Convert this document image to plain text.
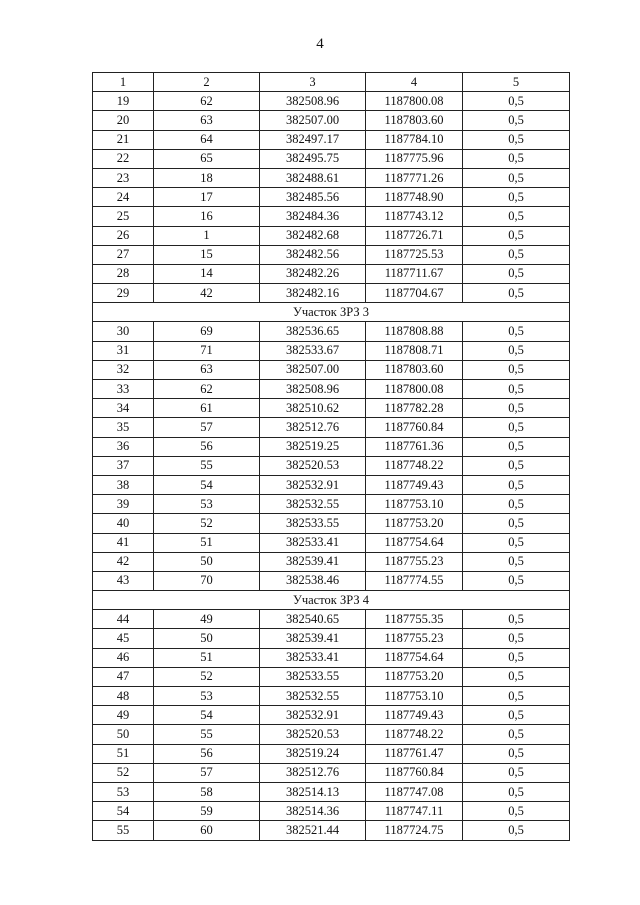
4
1	2	3	4	5
19	62	382508.96	1187800.08	0,5
20	63	382507.00	1187803.60	0,5
21	64	382497.17	1187784.10	0,5
22	65	382495.75	1187775.96	0,5
23	18	382488.61	1187771.26	0,5
24	17	382485.56	1187748.90	0,5
25	16	382484.36	1187743.12	0,5
26	1	382482.68	1187726.71	0,5
27	15	382482.56	1187725.53	0,5
28	14	382482.26	1187711.67	0,5
29	42	382482.16	1187704.67	0,5
Участок ЗРЗ 3				
30	69	382536.65	1187808.88	0,5
31	71	382533.67	1187808.71	0,5
32	63	382507.00	1187803.60	0,5
33	62	382508.96	1187800.08	0,5
34	61	382510.62	1187782.28	0,5
35	57	382512.76	1187760.84	0,5
36	56	382519.25	1187761.36	0,5
37	55	382520.53	1187748.22	0,5
38	54	382532.91	1187749.43	0,5
39	53	382532.55	1187753.10	0,5
40	52	382533.55	1187753.20	0,5
41	51	382533.41	1187754.64	0,5
42	50	382539.41	1187755.23	0,5
43	70	382538.46	1187774.55	0,5
Участок ЗРЗ 4				
44	49	382540.65	1187755.35	0,5
45	50	382539.41	1187755.23	0,5
46	51	382533.41	1187754.64	0,5
47	52	382533.55	1187753.20	0,5
48	53	382532.55	1187753.10	0,5
49	54	382532.91	1187749.43	0,5
50	55	382520.53	1187748.22	0,5
51	56	382519.24	1187761.47	0,5
52	57	382512.76	1187760.84	0,5
53	58	382514.13	1187747.08	0,5
54	59	382514.36	1187747.11	0,5
55	60	382521.44	1187724.75	0,5
